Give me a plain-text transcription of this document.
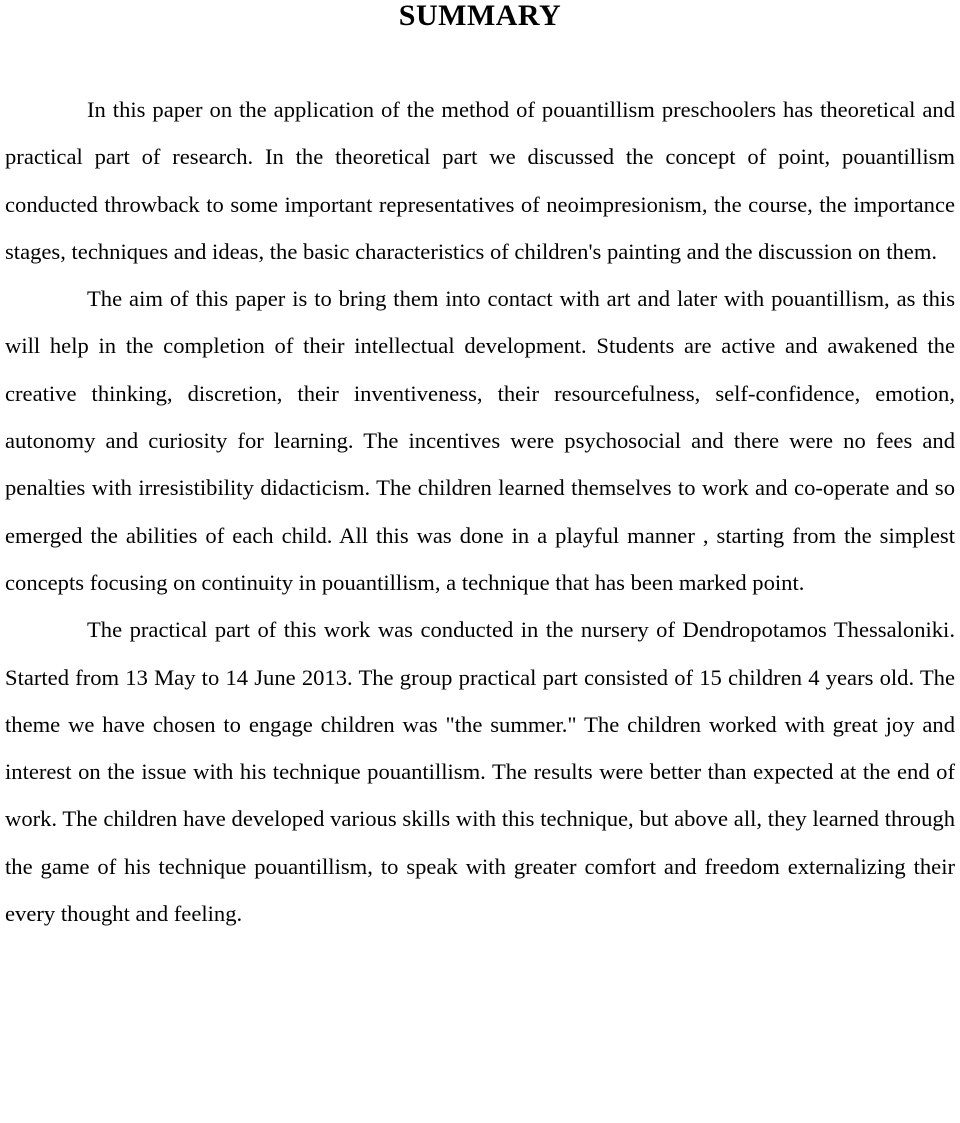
SUMMARY

In this paper on the application of the method of pouantillism preschoolers has theoretical and practical part of research. In the theoretical part we discussed the concept of point, pouantillism conducted throwback to some important representatives of neoimpresionism, the course, the importance stages, techniques and ideas, the basic characteristics of children's painting and the discussion on them.

The aim of this paper is to bring them into contact with art and later with pouantillism, as this will help in the completion of their intellectual development. Students are active and awakened the creative thinking, discretion, their inventiveness, their resourcefulness, self-confidence, emotion, autonomy and curiosity for learning. The incentives were psychosocial and there were no fees and penalties with irresistibility didacticism. The children learned themselves to work and co-operate and so emerged the abilities of each child. All this was done in a playful manner , starting from the simplest concepts focusing on continuity in pouantillism, a technique that has been marked point.

The practical part of this work was conducted in the nursery of Dendropotamos Thessaloniki. Started from 13 May to 14 June 2013. The group practical part consisted of 15 children 4 years old. The theme we have chosen to engage children was "the summer." The children worked with great joy and interest on the issue with his technique pouantillism. The results were better than expected at the end of work. The children have developed various skills with this technique, but above all, they learned through the game of his technique pouantillism, to speak with greater comfort and freedom externalizing their every thought and feeling.
